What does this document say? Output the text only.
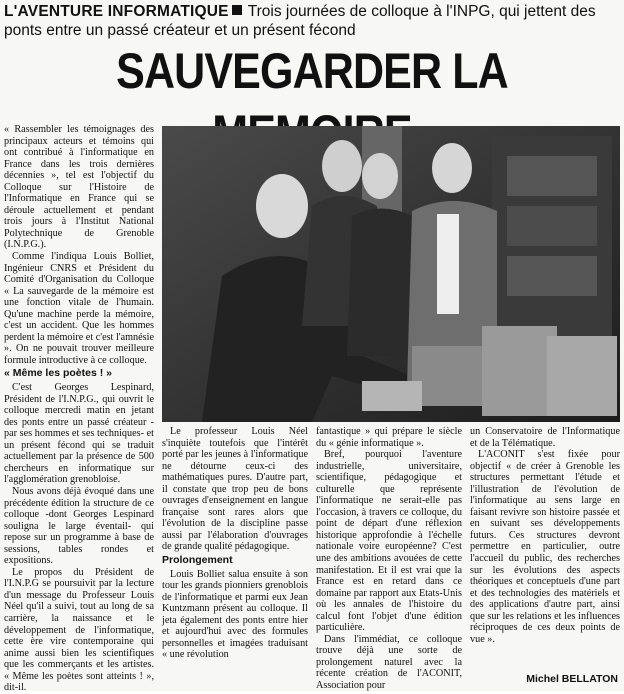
L'AVENTURE INFORMATIQUE Trois journées de colloque à l'INPG, qui jettent des ponts entre un passé créateur et un présent fécond
SAUVEGARDER LA

« Rassembler les témoignages des principaux acteurs et témoins qui ont contribué à l'informatique en France dans les trois dernières décennies », tel est l'objectif du Colloque sur l'Histoire de l'Informatique en France qui se déroule actuellement et pendant trois jours à l'Institut National Polytechnique de Grenoble (I.N.P.G.).

Comme l'indiqua Louis Bolliet, Ingénieur CNRS et Président du Comité d'Organisation du Colloque « La sauvegarde de la mémoire est une fonction vitale de l'humain. Qu'une machine perde la mémoire, c'est un accident. Que les hommes perdent la mémoire et c'est l'amnésie ». On ne pouvait trouver meilleure formule introductive à ce colloque.

« Même les poètes ! »

C'est Georges Lespinard, Président de l'I.N.P.G., qui ouvrit le colloque mercredi matin en jetant des ponts entre un passé créateur -par ses hommes et ses techniques- et un présent fécond qui se traduit actuellement par la présence de 500 chercheurs en informatique sur l'agglomération grenobloise.

Nous avons déjà évoqué dans une précédente édition la structure de ce colloque -dont Georges Lespinard souligna le large éventail- qui repose sur un programme à base de sessions, tables rondes et expositions.

Le propos du Président de l'I.N.P.G se poursuivit par la lecture d'un message du Professeur Louis Néel qu'il a suivi, tout au long de sa carrière, la naissance et le développement de l'informatique, cette ère vire contemporaine qui anime aussi bien les scientifiques que les commerçants et les artistes. « Même les poètes sont atteints ! », dit-il.

Le professeur Louis Néel s'inquiète toutefois que l'intérêt porté par les jeunes à l'informatique ne détourne ceux-ci des mathématiques pures. D'autre part, il constate que trop peu de bons ouvrages d'enseignement en langue française sont rares alors que l'évolution de la discipline passe aussi par l'élaboration d'ouvrages de grande qualité pédagogique.

Prolongement

Louis Bolliet salua ensuite à son tour les grands pionniers grenoblois de l'informatique et parmi eux Jean Kuntzmann présent au colloque. Il jeta également des ponts entre hier et aujourd'hui avec des formules personnelles et imagées traduisant « une révolution

fantastique » qui prépare le siècle du « génie informatique ».

Bref, pourquoi l'aventure industrielle, universitaire, scientifique, pédagogique et culturelle que représente l'informatique ne serait-elle pas l'occasion, à travers ce colloque, du point de départ d'une réflexion historique approfondie à l'échelle nationale voire européenne? C'est une des ambitions avouées de cette manifestation. Et il est vrai que la France est en retard dans ce domaine par rapport aux Etats-Unis où les annales de l'histoire du calcul font l'objet d'une édition particulière.

Dans l'immédiat, ce colloque trouve déjà une sorte de prolongement naturel avec la récente création de l'ACONIT, Association pour

un Conservatoire de l'Informatique et de la Télématique.

L'ACONIT s'est fixée pour objectif « de créer à Grenoble les structures permettant l'étude et l'illustration de l'évolution de l'informatique au sens large en faisant revivre son histoire passée et en suivant ses développements futurs. Ces structures devront permettre en particulier, outre l'accueil du public, des recherches sur les évolutions des aspects théoriques et conceptuels d'une part et des technologies des matériels et des applications d'autre part, ainsi que sur les relations et les influences réciproques de ces deux points de vue ».

Michel BELLATON
